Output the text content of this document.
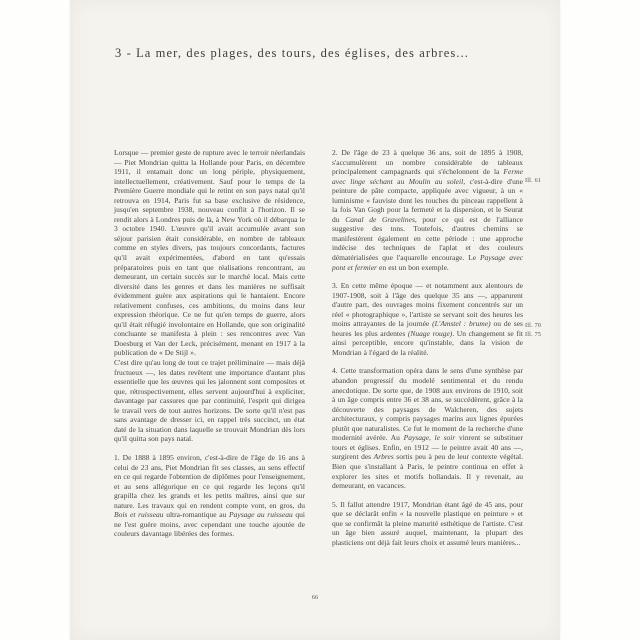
3 - La mer, des plages, des tours, des églises, des arbres...

Lorsque — premier geste de rupture avec le terroir néerlandais — Piet Mondrian quitta la Hollande pour Paris, en décembre 1911, il entamait donc un long périple, physiquement, intellectuellement, créativement. Sauf pour le temps de la Première Guerre mondiale qui le retint en son pays natal qu'il retrouva en 1914, Paris fut sa base exclusive de résidence, jusqu'en septembre 1938, nouveau conflit à l'horizon. Il se rendit alors à Londres puis de là, à New York où il débarqua le 3 octobre 1940. L'œuvre qu'il avait accumulée avant son séjour parisien était considérable, en nombre de tableaux comme en styles divers, pas toujours concordants, factures qu'il avait expérimentées, d'abord en tant qu'essais préparatoires puis en tant que réalisations rencontrant, au demeurant, un certain succès sur le marché local. Mais cette diversité dans les genres et dans les manières ne suffisait évidemment guère aux aspirations qui le hantaient. Encore relativement confuses, ces ambitions, du moins dans leur expression théorique. Ce ne fut qu'en temps de guerre, alors qu'il était réfugié involontaire en Hollande, que son originalité concluante se manifesta à plein : ses rencontres avec Van Doesburg et Van der Leck, précisément, menant en 1917 à la publication de « De Stijl ».

C'est dire qu'au long de tout ce trajet préliminaire — mais déjà fructueux —, les dates revêtent une importance d'autant plus essentielle que les œuvres qui les jalonnent sont composites et que, rétrospectivement, elles servent aujourd'hui à expliciter, davantage par cassures que par continuité, l'esprit qui dirigea le travail vers de tout autres horizons. De sorte qu'il n'est pas sans avantage de dresser ici, en rappel très succinct, un état daté de la situation dans laquelle se trouvait Mondrian dès lors qu'il quitta son pays natal.

1. De 1888 à 1895 environ, c'est-à-dire de l'âge de 16 ans à celui de 23 ans, Piet Mondrian fit ses classes, au sens effectif en ce qui regarde l'obtention de diplômes pour l'enseignement, et au sens allégorique en ce qui regarde les leçons qu'il grapilla chez les grands et les petits maîtres, ainsi que sur nature. Les travaux qui en rendent compte vont, en gros, du Bois et ruisseau ultra-romantique au Paysage au ruisseau qui ne l'est guère moins, avec cependant une touche ajoutée de couleurs davantage libérées des formes.

2. De l'âge de 23 à quelque 36 ans, soit de 1895 à 1908, s'accumulèrent un nombre considérable de tableaux principalement campagnards qui s'échelonnent de la Ferme avec linge séchant au Moulin au soleil, c'est-à-dire d'une peinture de pâte compacte, appliquée avec vigueur, à un « luminisme » fauviste dont les touches du pinceau rappellent à la fois Van Gogh pour la fermeté et la dispersion, et le Seurat du Canal de Gravelines, pour ce qui est de l'alliance suggestive des tons. Toutefois, d'autres chemins se manifestèrent également en cette période : une approche indécise des techniques de l'aplat et des couleurs dématérialisées que l'aquarelle encourage. Le Paysage avec pont et fermier en est un bon exemple.

3. En cette même époque — et notamment aux alentours de 1907-1908, soit à l'âge des quelque 35 ans —, apparurent d'autre part, des ouvrages moins fixement concentrés sur un réel « photographique », l'artiste se servant soit des heures les moins attrayantes de la journée (L'Amstel : brume) ou de ses heures les plus ardentes (Nuage rouge). Un changement se fit ainsi perceptible, encore qu'instable, dans la vision de Mondrian à l'égard de la réalité.

4. Cette transformation opéra dans le sens d'une synthèse par abandon progressif du modelé sentimental et du rendu anecdotique. De sorte que, de 1908 aux environs de 1910, soit à un âge compris entre 36 et 38 ans, se succédèrent, grâce à la découverte des paysages de Walcheren, des sujets architecturaux, y compris paysages marins aux lignes épurées plutôt que naturalistes. Ce fut le moment de la recherche d'une modernité avérée. Au Paysage, le soir vinrent se substituer tours et églises. Enfin, en 1912 — le peintre avait 40 ans —, surgirent des Arbres sortis peu à peu de leur contexte végétal. Bien que s'installant à Paris, le peintre continua en effet à explorer les sites et motifs hollandais. Il y revenait, au demeurant, en vacances.

5. Il fallut attendre 1917, Mondrian étant âgé de 45 ans, pour que se déclarât enfin « la nouvelle plastique en peinture » et que se confirmât la pleine maturité esthétique de l'artiste. C'est un âge bien assuré auquel, maintenant, la plupart des plasticiens ont déjà fait leurs choix et assumé leurs manières...

Ill. 61
Ill. 70
Ill. 75
66
